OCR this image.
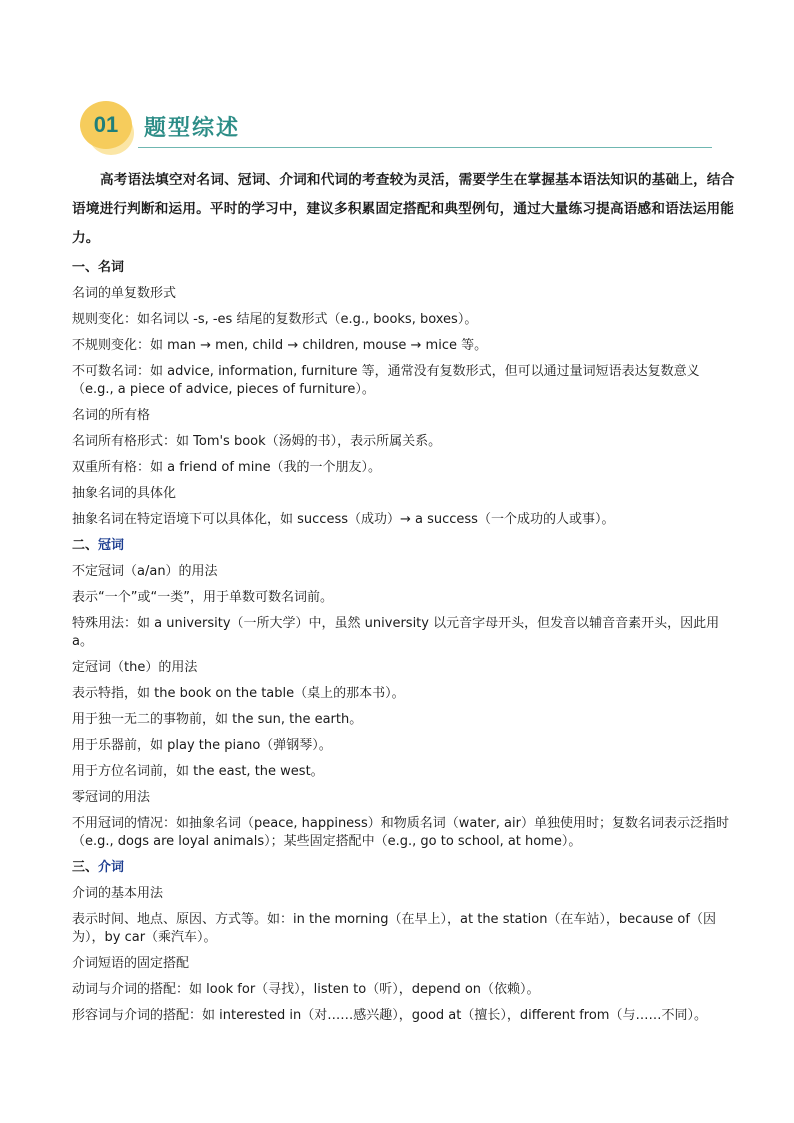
01	题型综述

高考语法填空对名词、冠词、介词和代词的考查较为灵活，需要学生在掌握基本语法知识的基础上，结合语境进行判断和运用。平时的学习中，建议多积累固定搭配和典型例句，通过大量练习提高语感和语法运用能力。

一、名词

名词的单复数形式

规则变化：如名词以 -s, -es 结尾的复数形式（e.g., books, boxes）。

不规则变化：如 man → men, child → children, mouse → mice 等。

不可数名词：如 advice, information, furniture 等，通常没有复数形式，但可以通过量词短语表达复数意义（e.g., a piece of advice, pieces of furniture）。

名词的所有格

名词所有格形式：如 Tom's book（汤姆的书），表示所属关系。

双重所有格：如 a friend of mine（我的一个朋友）。

抽象名词的具体化

抽象名词在特定语境下可以具体化，如 success（成功）→ a success（一个成功的人或事）。

二、冠词

不定冠词（a/an）的用法

表示“一个”或“一类”，用于单数可数名词前。

特殊用法：如 a university（一所大学）中，虽然 university 以元音字母开头，但发音以辅音音素开头，因此用 a。

定冠词（the）的用法

表示特指，如 the book on the table（桌上的那本书）。

用于独一无二的事物前，如 the sun, the earth。

用于乐器前，如 play the piano（弹钢琴）。

用于方位名词前，如 the east, the west。

零冠词的用法

不用冠词的情况：如抽象名词（peace, happiness）和物质名词（water, air）单独使用时；复数名词表示泛指时（e.g., dogs are loyal animals）；某些固定搭配中（e.g., go to school, at home）。

三、介词

介词的基本用法

表示时间、地点、原因、方式等。如：in the morning（在早上），at the station（在车站），because of（因为），by car（乘汽车）。

介词短语的固定搭配

动词与介词的搭配：如 look for（寻找），listen to（听），depend on（依赖）。

形容词与介词的搭配：如 interested in（对……感兴趣），good at（擅长），different from（与……不同）。
